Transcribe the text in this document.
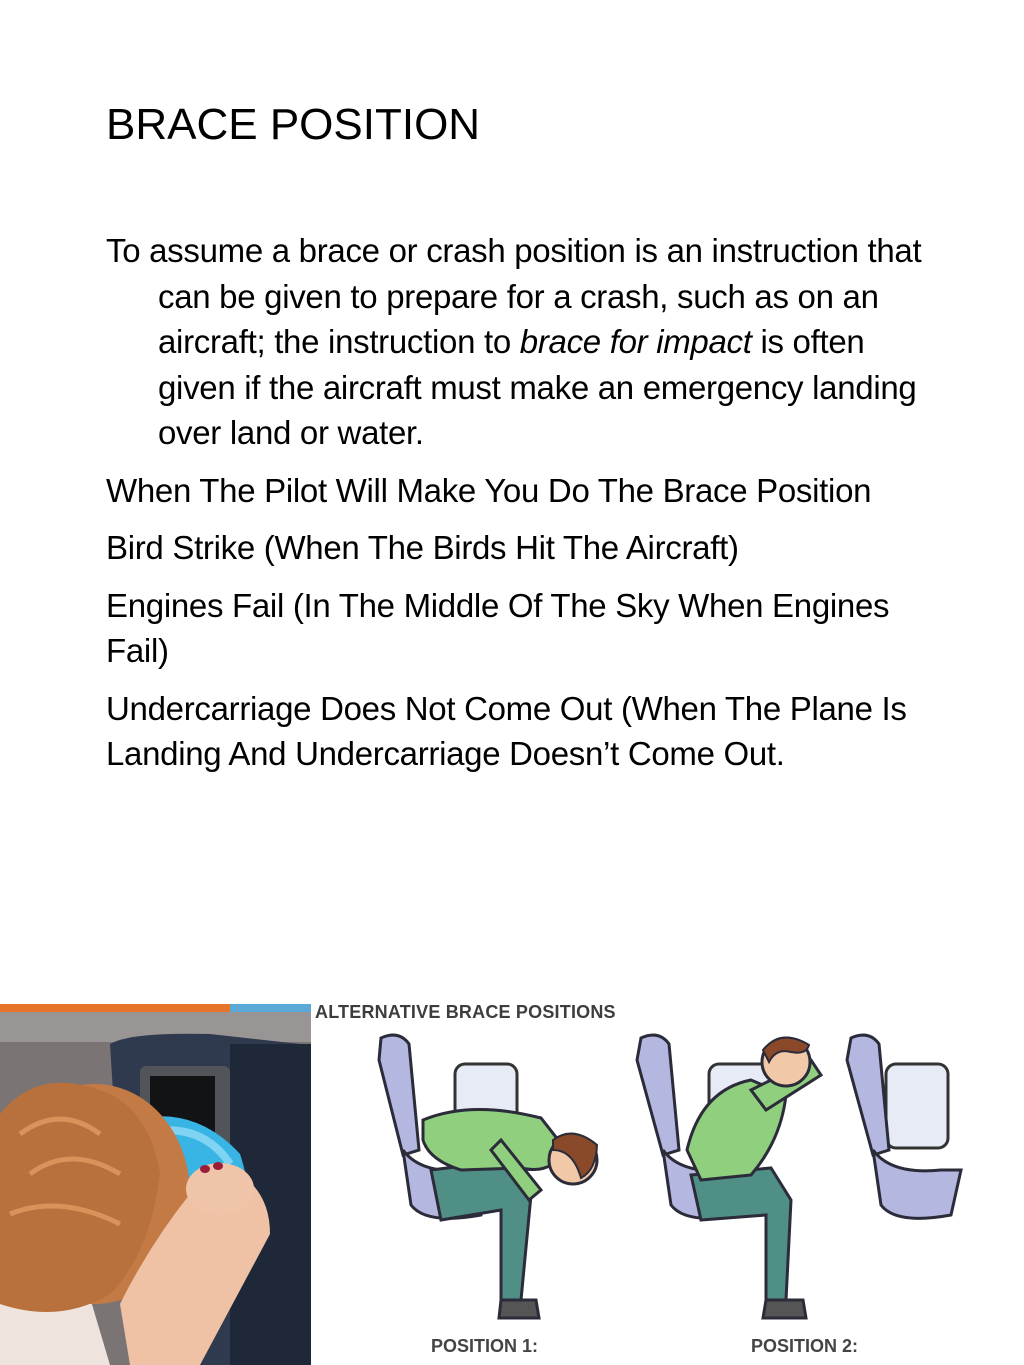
BRACE POSITION

To assume a brace or crash position is an instruction that can be given to prepare for a crash, such as on an aircraft; the instruction to brace for impact is often given if the aircraft must make an emergency landing over land or water.

When The Pilot Will Make You Do The Brace Position

Bird Strike (When The Birds Hit The Aircraft)

Engines Fail (In The Middle Of The Sky When Engines Fail)

Undercarriage Does Not Come Out (When The Plane Is Landing And Undercarriage Doesn’t Come Out.

ALTERNATIVE BRACE POSITIONS
POSITION 1:	POSITION 2:
